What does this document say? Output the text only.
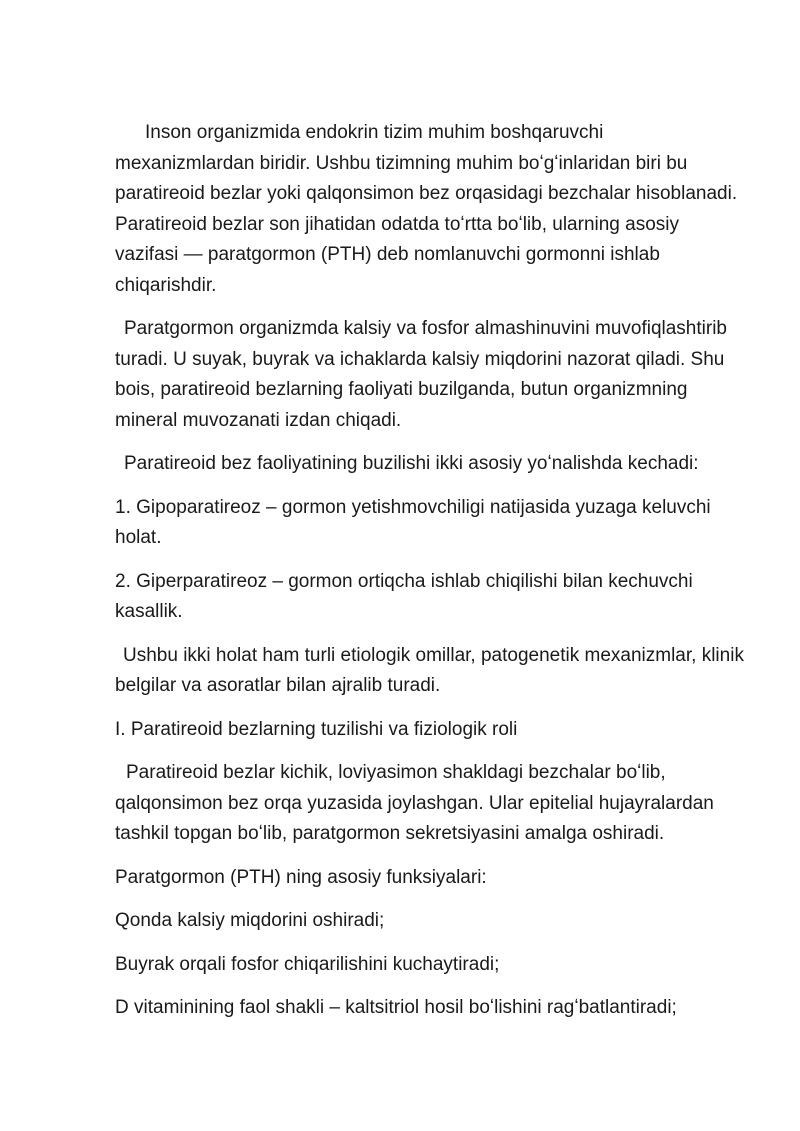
Inson organizmida endokrin tizim muhim boshqaruvchi mexanizmlardan biridir. Ushbu tizimning muhim boʻgʻinlaridan biri bu paratireoid bezlar yoki qalqonsimon bez orqasidagi bezchalar hisoblanadi. Paratireoid bezlar son jihatidan odatda toʻrtta boʻlib, ularning asosiy vazifasi — paratgormon (PTH) deb nomlanuvchi gormonni ishlab chiqarishdir.

Paratgormon organizmda kalsiy va fosfor almashinuvini muvofiqlashtirib turadi. U suyak, buyrak va ichaklarda kalsiy miqdorini nazorat qiladi. Shu bois, paratireoid bezlarning faoliyati buzilganda, butun organizmning mineral muvozanati izdan chiqadi.

Paratireoid bez faoliyatining buzilishi ikki asosiy yoʻnalishda kechadi:

1. Gipoparatireoz – gormon yetishmovchiligi natijasida yuzaga keluvchi holat.

2. Giperparatireoz – gormon ortiqcha ishlab chiqilishi bilan kechuvchi kasallik.

Ushbu ikki holat ham turli etiologik omillar, patogenetik mexanizmlar, klinik belgilar va asoratlar bilan ajralib turadi.

I. Paratireoid bezlarning tuzilishi va fiziologik roli

Paratireoid bezlar kichik, loviyasimon shakldagi bezchalar boʻlib, qalqonsimon bez orqa yuzasida joylashgan. Ular epitelial hujayralardan tashkil topgan boʻlib, paratgormon sekretsiyasini amalga oshiradi.

Paratgormon (PTH) ning asosiy funksiyalari:

Qonda kalsiy miqdorini oshiradi;

Buyrak orqali fosfor chiqarilishini kuchaytiradi;

D vitaminining faol shakli – kaltsitriol hosil boʻlishini ragʻbatlantiradi;
